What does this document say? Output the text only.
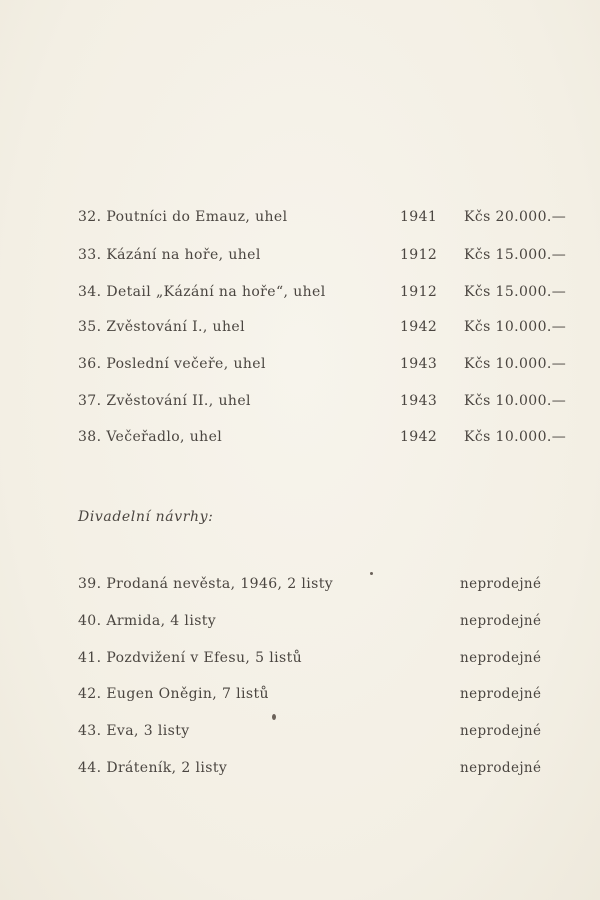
32. Poutníci do Emauz, uhel	1941 Kčs 20.000.—
33. Kázání na hoře, uhel	1912 Kčs 15.000.—
34. Detail „Kázání na hoře“, uhel	1912 Kčs 15.000.—
35. Zvěstování I., uhel	1942 Kčs 10.000.—
36. Poslední večeře, uhel	1943 Kčs 10.000.—
37. Zvěstování II., uhel	1943 Kčs 10.000.—
38. Večeřadlo, uhel	1942 Kčs 10.000.—
Divadelní návrhy:
39. Prodaná nevěsta, 1946, 2 listy	neprodejné
40. Armida, 4 listy	neprodejné
41. Pozdvižení v Efesu, 5 listů	neprodejné
42. Eugen Oněgin, 7 listů	neprodejné
43. Eva, 3 listy	neprodejné
44. Dráteník, 2 listy	neprodejné
